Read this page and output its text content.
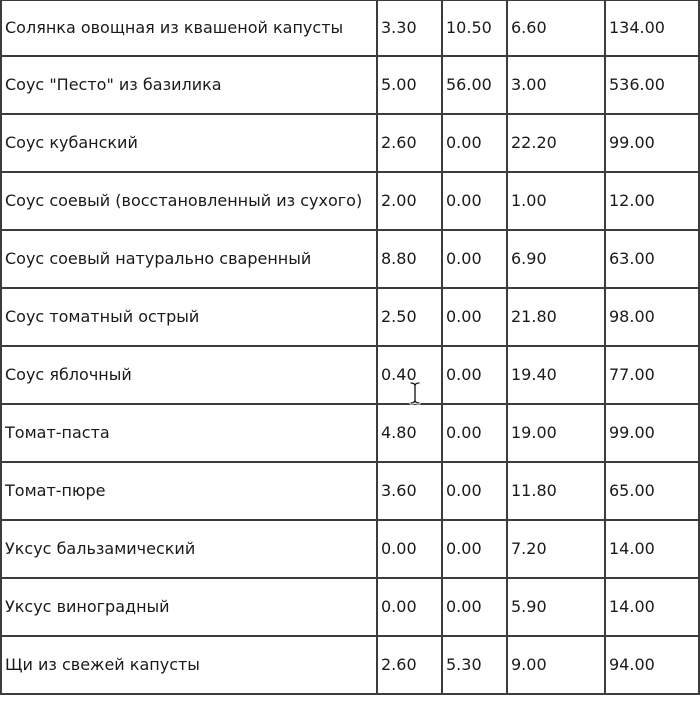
Солянка овощная из квашеной капусты	3.30	10.50	6.60	134.00
Соус "Песто" из базилика	5.00	56.00	3.00	536.00
Соус кубанский	2.60	0.00	22.20	99.00
Соус соевый (восстановленный из сухого)	2.00	0.00	1.00	12.00
Соус соевый натурально сваренный	8.80	0.00	6.90	63.00
Соус томатный острый	2.50	0.00	21.80	98.00
Соус яблочный	0.40	0.00	19.40	77.00
Томат-паста	4.80	0.00	19.00	99.00
Томат-пюре	3.60	0.00	11.80	65.00
Уксус бальзамический	0.00	0.00	7.20	14.00
Уксус виноградный	0.00	0.00	5.90	14.00
Щи из свежей капусты	2.60	5.30	9.00	94.00
